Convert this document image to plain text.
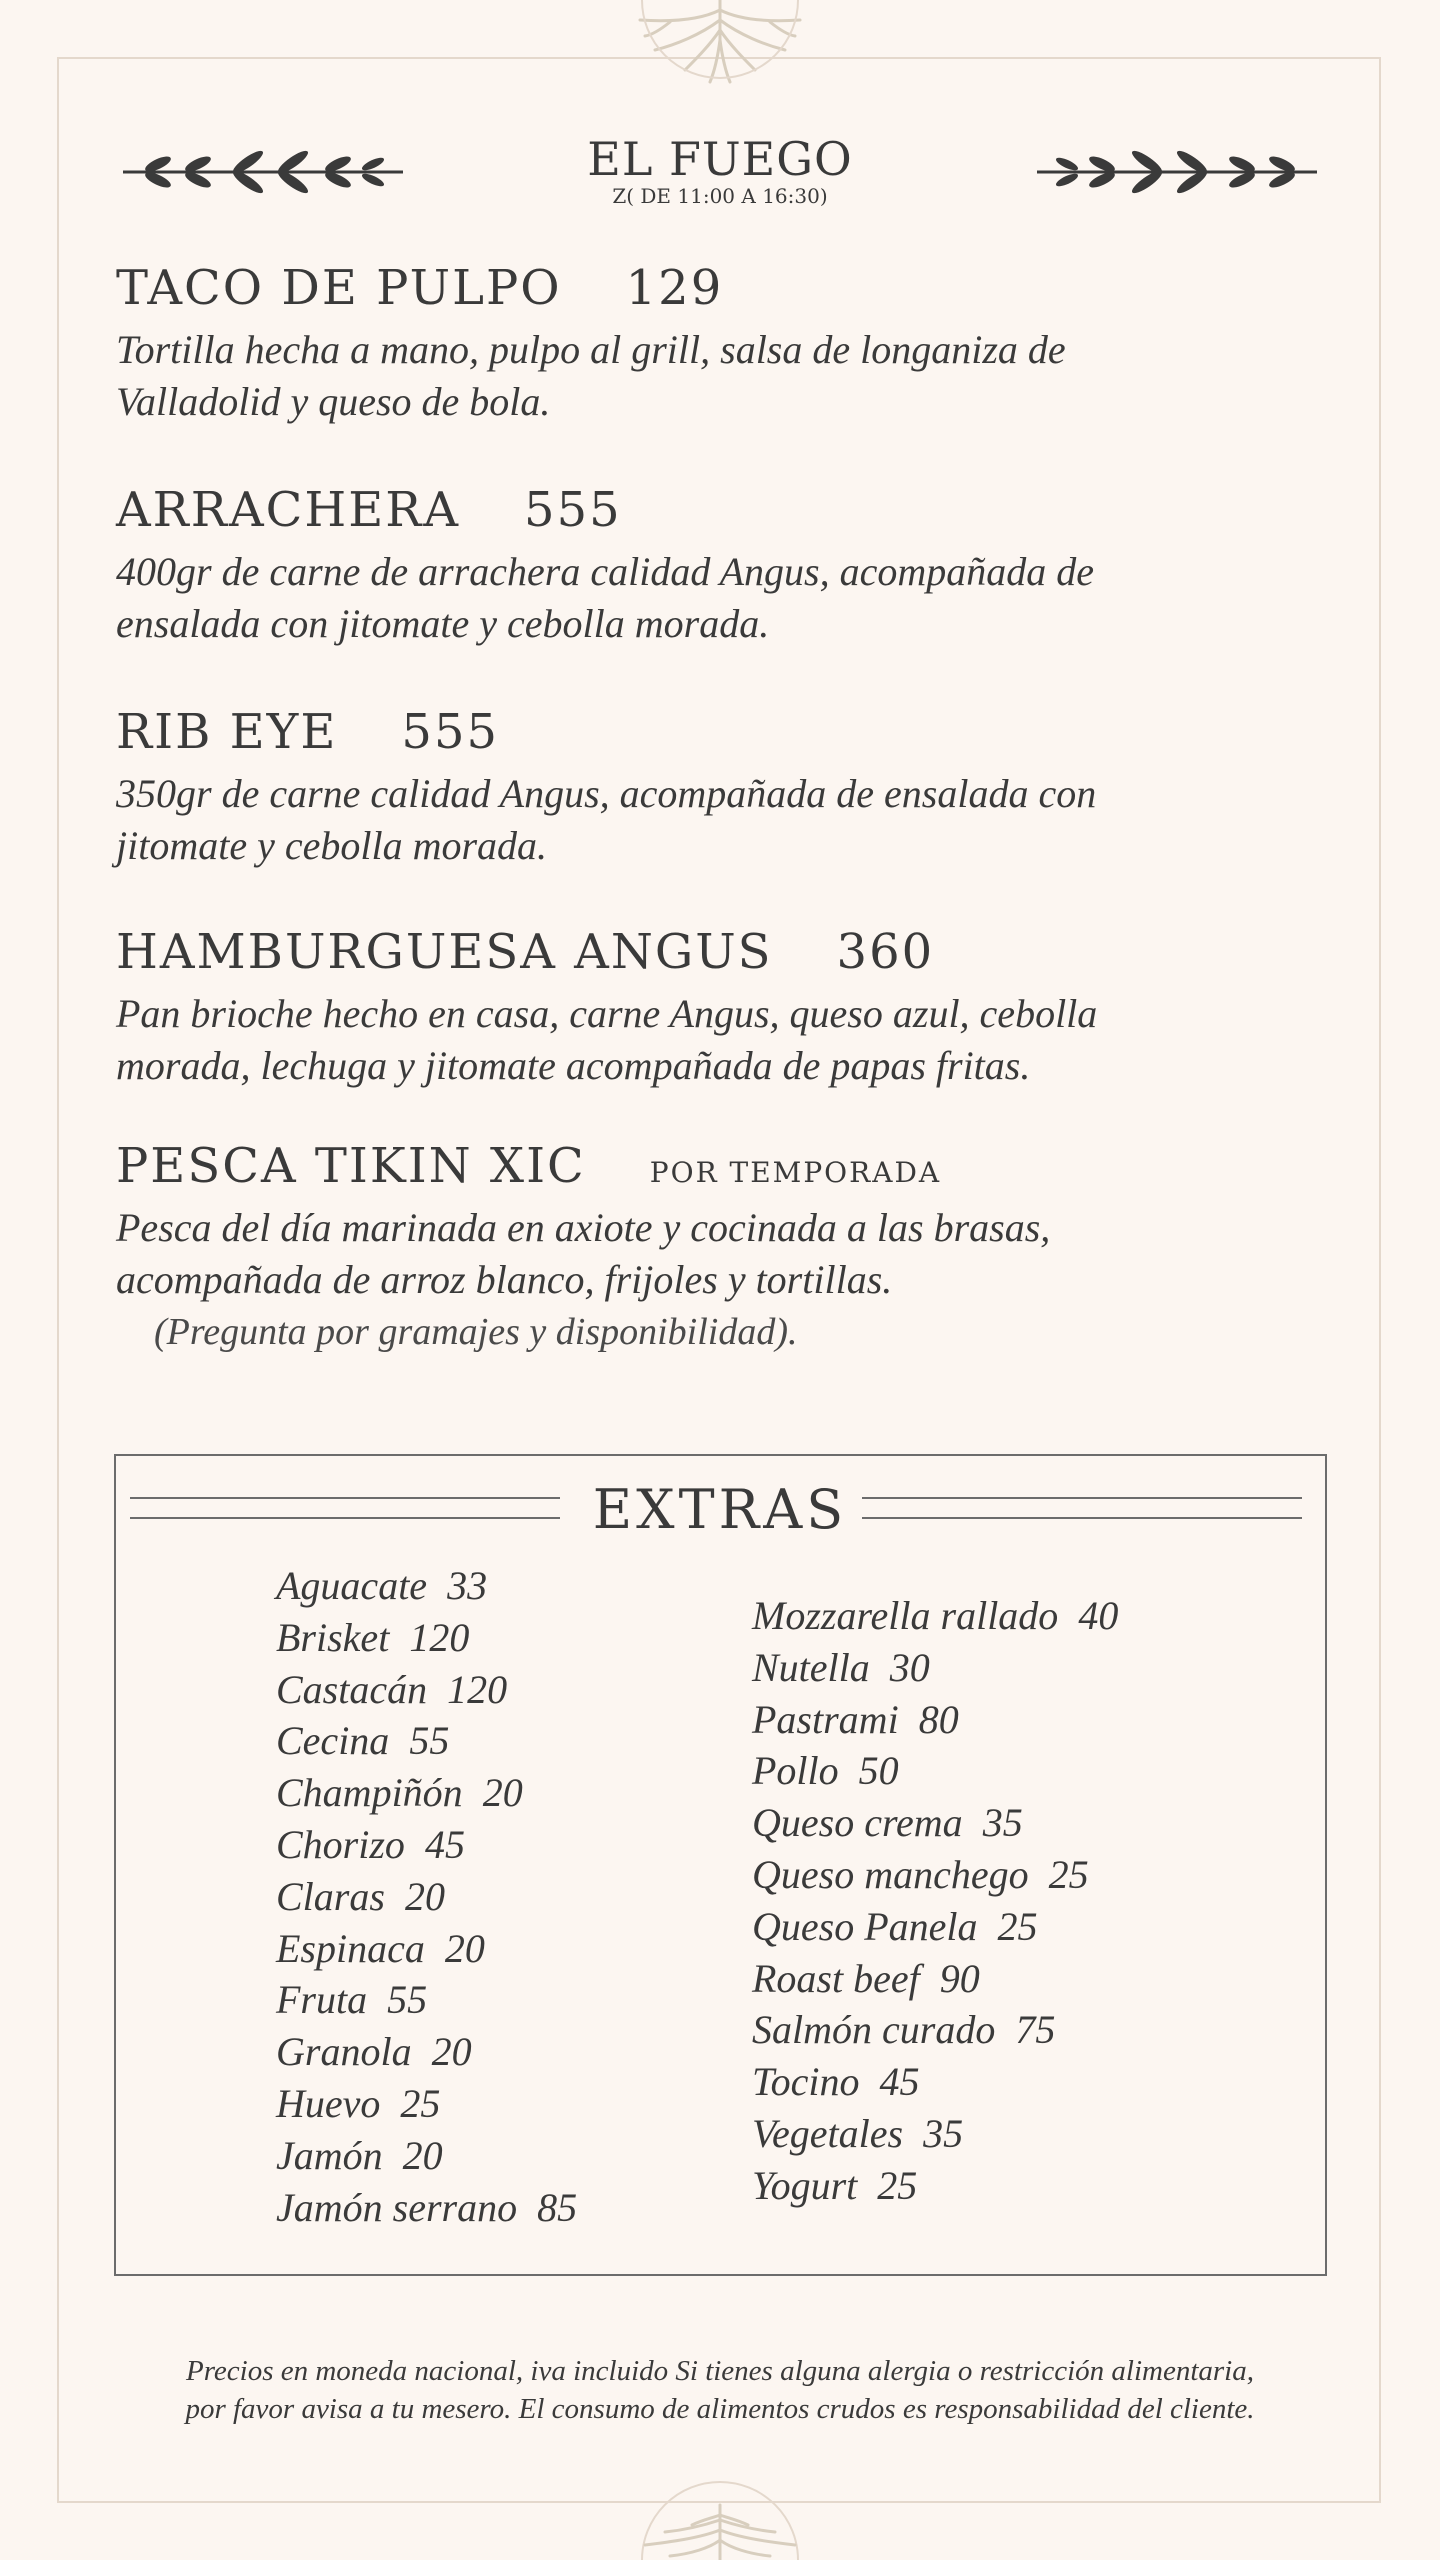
EL FUEGO
Z( DE 11:00 A 16:30)
TACO DE PULPO 129
Tortilla hecha a mano, pulpo al grill, salsa de longaniza de
Valladolid y queso de bola.
ARRACHERA 555
400gr de carne de arrachera calidad Angus, acompañada de
ensalada con jitomate y cebolla morada.
RIB EYE 555
350gr de carne calidad Angus, acompañada de ensalada con
jitomate y cebolla morada.
HAMBURGUESA ANGUS 360
Pan brioche hecho en casa, carne Angus, queso azul, cebolla
morada, lechuga y jitomate acompañada de papas fritas.
PESCA TIKIN XIC POR TEMPORADA
Pesca del día marinada en axiote y cocinada a las brasas,
acompañada de arroz blanco, frijoles y tortillas.
(Pregunta por gramajes y disponibilidad).
EXTRAS
Aguacate 33
Brisket 120
Castacán 120
Cecina 55
Champiñón 20
Chorizo 45
Claras 20
Espinaca 20
Fruta 55
Granola 20
Huevo 25
Jamón 20
Jamón serrano 85
Mozzarella rallado 40
Nutella 30
Pastrami 80
Pollo 50
Queso crema 35
Queso manchego 25
Queso Panela 25
Roast beef 90
Salmón curado 75
Tocino 45
Vegetales 35
Yogurt 25
Precios en moneda nacional, iva incluido Si tienes alguna alergia o restricción alimentaria,
por favor avisa a tu mesero. El consumo de alimentos crudos es responsabilidad del cliente.
